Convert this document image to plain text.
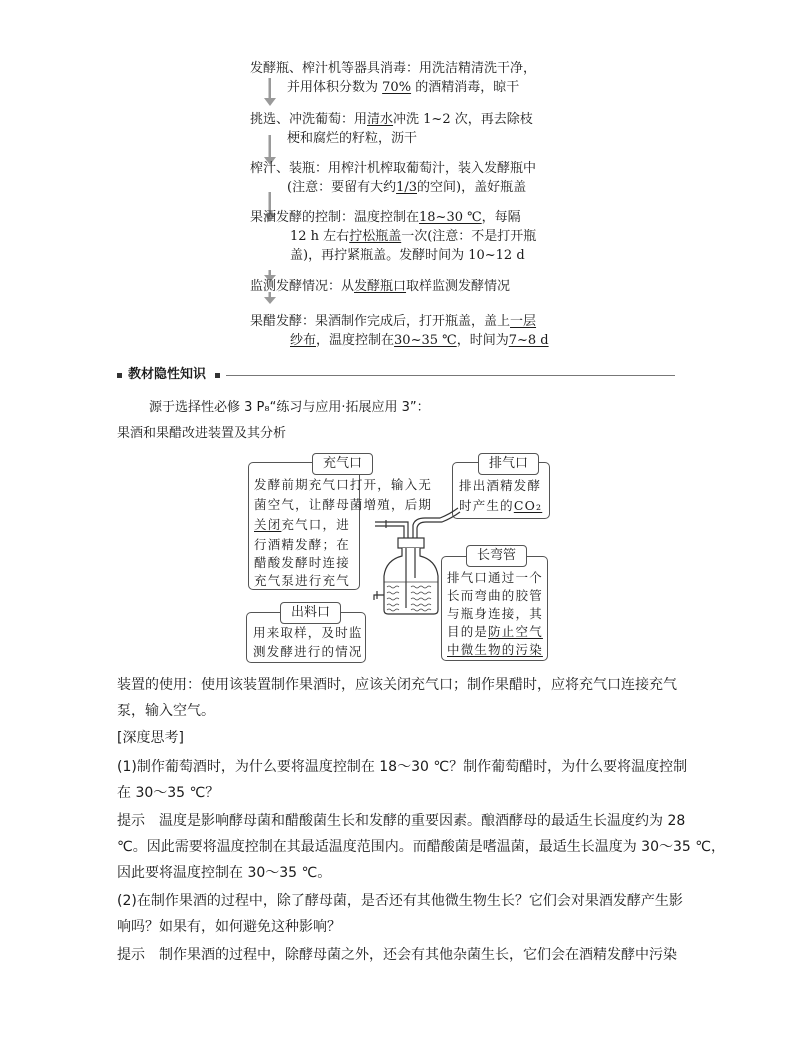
发酵瓶、榨汁机等器具消毒：用洗洁精清洗干净，
并用体积分数为 70% 的酒精消毒，晾干
挑选、冲洗葡萄：用清水冲洗 1~2 次，再去除枝
梗和腐烂的籽粒，沥干
榨汁、装瓶：用榨汁机榨取葡萄汁，装入发酵瓶中
(注意：要留有大约1/3的空间)，盖好瓶盖
果酒发酵的控制：温度控制在18~30 ℃，每隔
12 h 左右拧松瓶盖一次(注意：不是打开瓶
盖)，再拧紧瓶盖。发酵时间为 10~12 d
监测发酵情况：从发酵瓶口取样监测发酵情况
果醋发酵：果酒制作完成后，打开瓶盖，盖上一层
纱布，温度控制在30~35 ℃，时间为7~8 d
教材隐性知识
源于选择性必修 3 P₈“练习与应用·拓展应用 3”：
果酒和果醋改进装置及其分析
充气口
发酵前期充气口打开，输入无
菌空气，让酵母菌增殖，后期
关闭充气口，进
行酒精发酵；在
醋酸发酵时连接
充气泵进行充气
排气口
排出酒精发酵
时产生的CO₂
长弯管
排气口通过一个
长而弯曲的胶管
与瓶身连接，其
目的是防止空气
中微生物的污染
出料口
用来取样，及时监
测发酵进行的情况
装置的使用：使用该装置制作果酒时，应该关闭充气口；制作果醋时，应将充气口连接充气
泵，输入空气。
[深度思考]
(1)制作葡萄酒时，为什么要将温度控制在 18～30 ℃？制作葡萄醋时，为什么要将温度控制
在 30～35 ℃？
提示 温度是影响酵母菌和醋酸菌生长和发酵的重要因素。酿酒酵母的最适生长温度约为 28
℃。因此需要将温度控制在其最适温度范围内。而醋酸菌是嗜温菌，最适生长温度为 30～35 ℃，
因此要将温度控制在 30～35 ℃。
(2)在制作果酒的过程中，除了酵母菌，是否还有其他微生物生长？它们会对果酒发酵产生影
响吗？如果有，如何避免这种影响？
提示 制作果酒的过程中，除酵母菌之外，还会有其他杂菌生长，它们会在酒精发酵中污染
